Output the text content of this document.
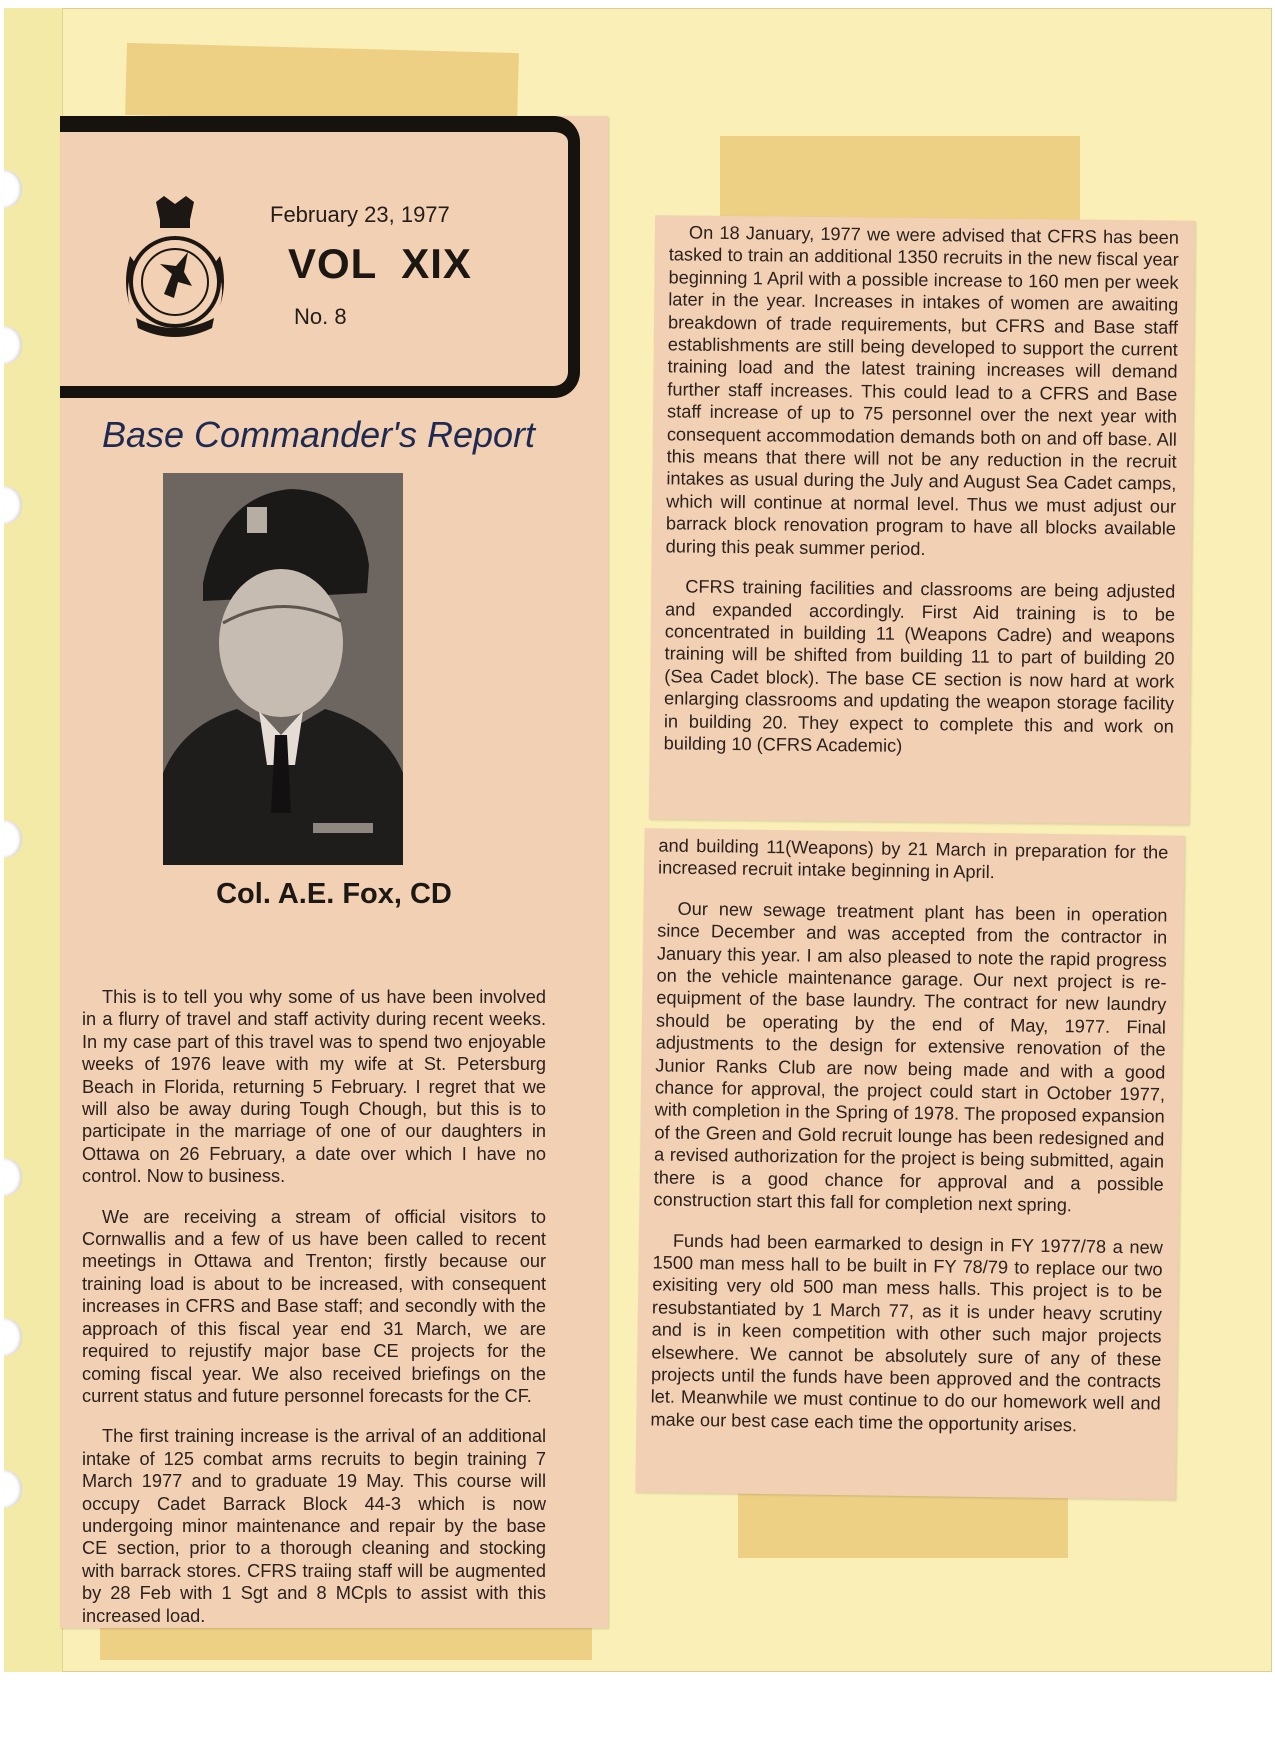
February 23, 1977
VOL XIX
No. 8
Base Commander's Report
Col. A.E. Fox, CD

This is to tell you why some of us have been involved in a flurry of travel and staff activity during recent weeks. In my case part of this travel was to spend two enjoyable weeks of 1976 leave with my wife at St. Petersburg Beach in Florida, returning 5 February. I regret that we will also be away during Tough Chough, but this is to participate in the marriage of one of our daughters in Ottawa on 26 February, a date over which I have no control. Now to business.

We are receiving a stream of official visitors to Cornwallis and a few of us have been called to recent meetings in Ottawa and Trenton; firstly because our training load is about to be increased, with consequent increases in CFRS and Base staff; and secondly with the approach of this fiscal year end 31 March, we are required to rejustify major base CE projects for the coming fiscal year. We also received briefings on the current status and future personnel forecasts for the CF.

The first training increase is the arrival of an additional intake of 125 combat arms recruits to begin training 7 March 1977 and to graduate 19 May. This course will occupy Cadet Barrack Block 44-3 which is now undergoing minor maintenance and repair by the base CE section, prior to a thorough cleaning and stocking with barrack stores. CFRS traiing staff will be augmented by 28 Feb with 1 Sgt and 8 MCpls to assist with this increased load.

On 18 January, 1977 we were advised that CFRS has been tasked to train an additional 1350 recruits in the new fiscal year beginning 1 April with a possible increase to 160 men per week later in the year. Increases in intakes of women are awaiting breakdown of trade requirements, but CFRS and Base staff establishments are still being developed to support the current training load and the latest training increases will demand further staff increases. This could lead to a CFRS and Base staff increase of up to 75 personnel over the next year with consequent accommodation demands both on and off base. All this means that there will not be any reduction in the recruit intakes as usual during the July and August Sea Cadet camps, which will continue at normal level. Thus we must adjust our barrack block renovation program to have all blocks available during this peak summer period.

CFRS training facilities and classrooms are being adjusted and expanded accordingly. First Aid training is to be concentrated in building 11 (Weapons Cadre) and weapons training will be shifted from building 11 to part of building 20 (Sea Cadet block). The base CE section is now hard at work enlarging classrooms and updating the weapon storage facility in building 20. They expect to complete this and work on building 10 (CFRS Academic)

and building 11(Weapons) by 21 March in preparation for the increased recruit intake beginning in April.

Our new sewage treatment plant has been in operation since December and was accepted from the contractor in January this year. I am also pleased to note the rapid progress on the vehicle maintenance garage. Our next project is re-equipment of the base laundry. The contract for new laundry should be operating by the end of May, 1977. Final adjustments to the design for extensive renovation of the Junior Ranks Club are now being made and with a good chance for approval, the project could start in October 1977, with completion in the Spring of 1978. The proposed expansion of the Green and Gold recruit lounge has been redesigned and a revised authorization for the project is being submitted, again there is a good chance for approval and a possible construction start this fall for completion next spring.

Funds had been earmarked to design in FY 1977/78 a new 1500 man mess hall to be built in FY 78/79 to replace our two exisiting very old 500 man mess halls. This project is to be resubstantiated by 1 March 77, as it is under heavy scrutiny and is in keen competition with other such major projects elsewhere. We cannot be absolutely sure of any of these projects until the funds have been approved and the contracts let. Meanwhile we must continue to do our homework well and make our best case each time the opportunity arises.
